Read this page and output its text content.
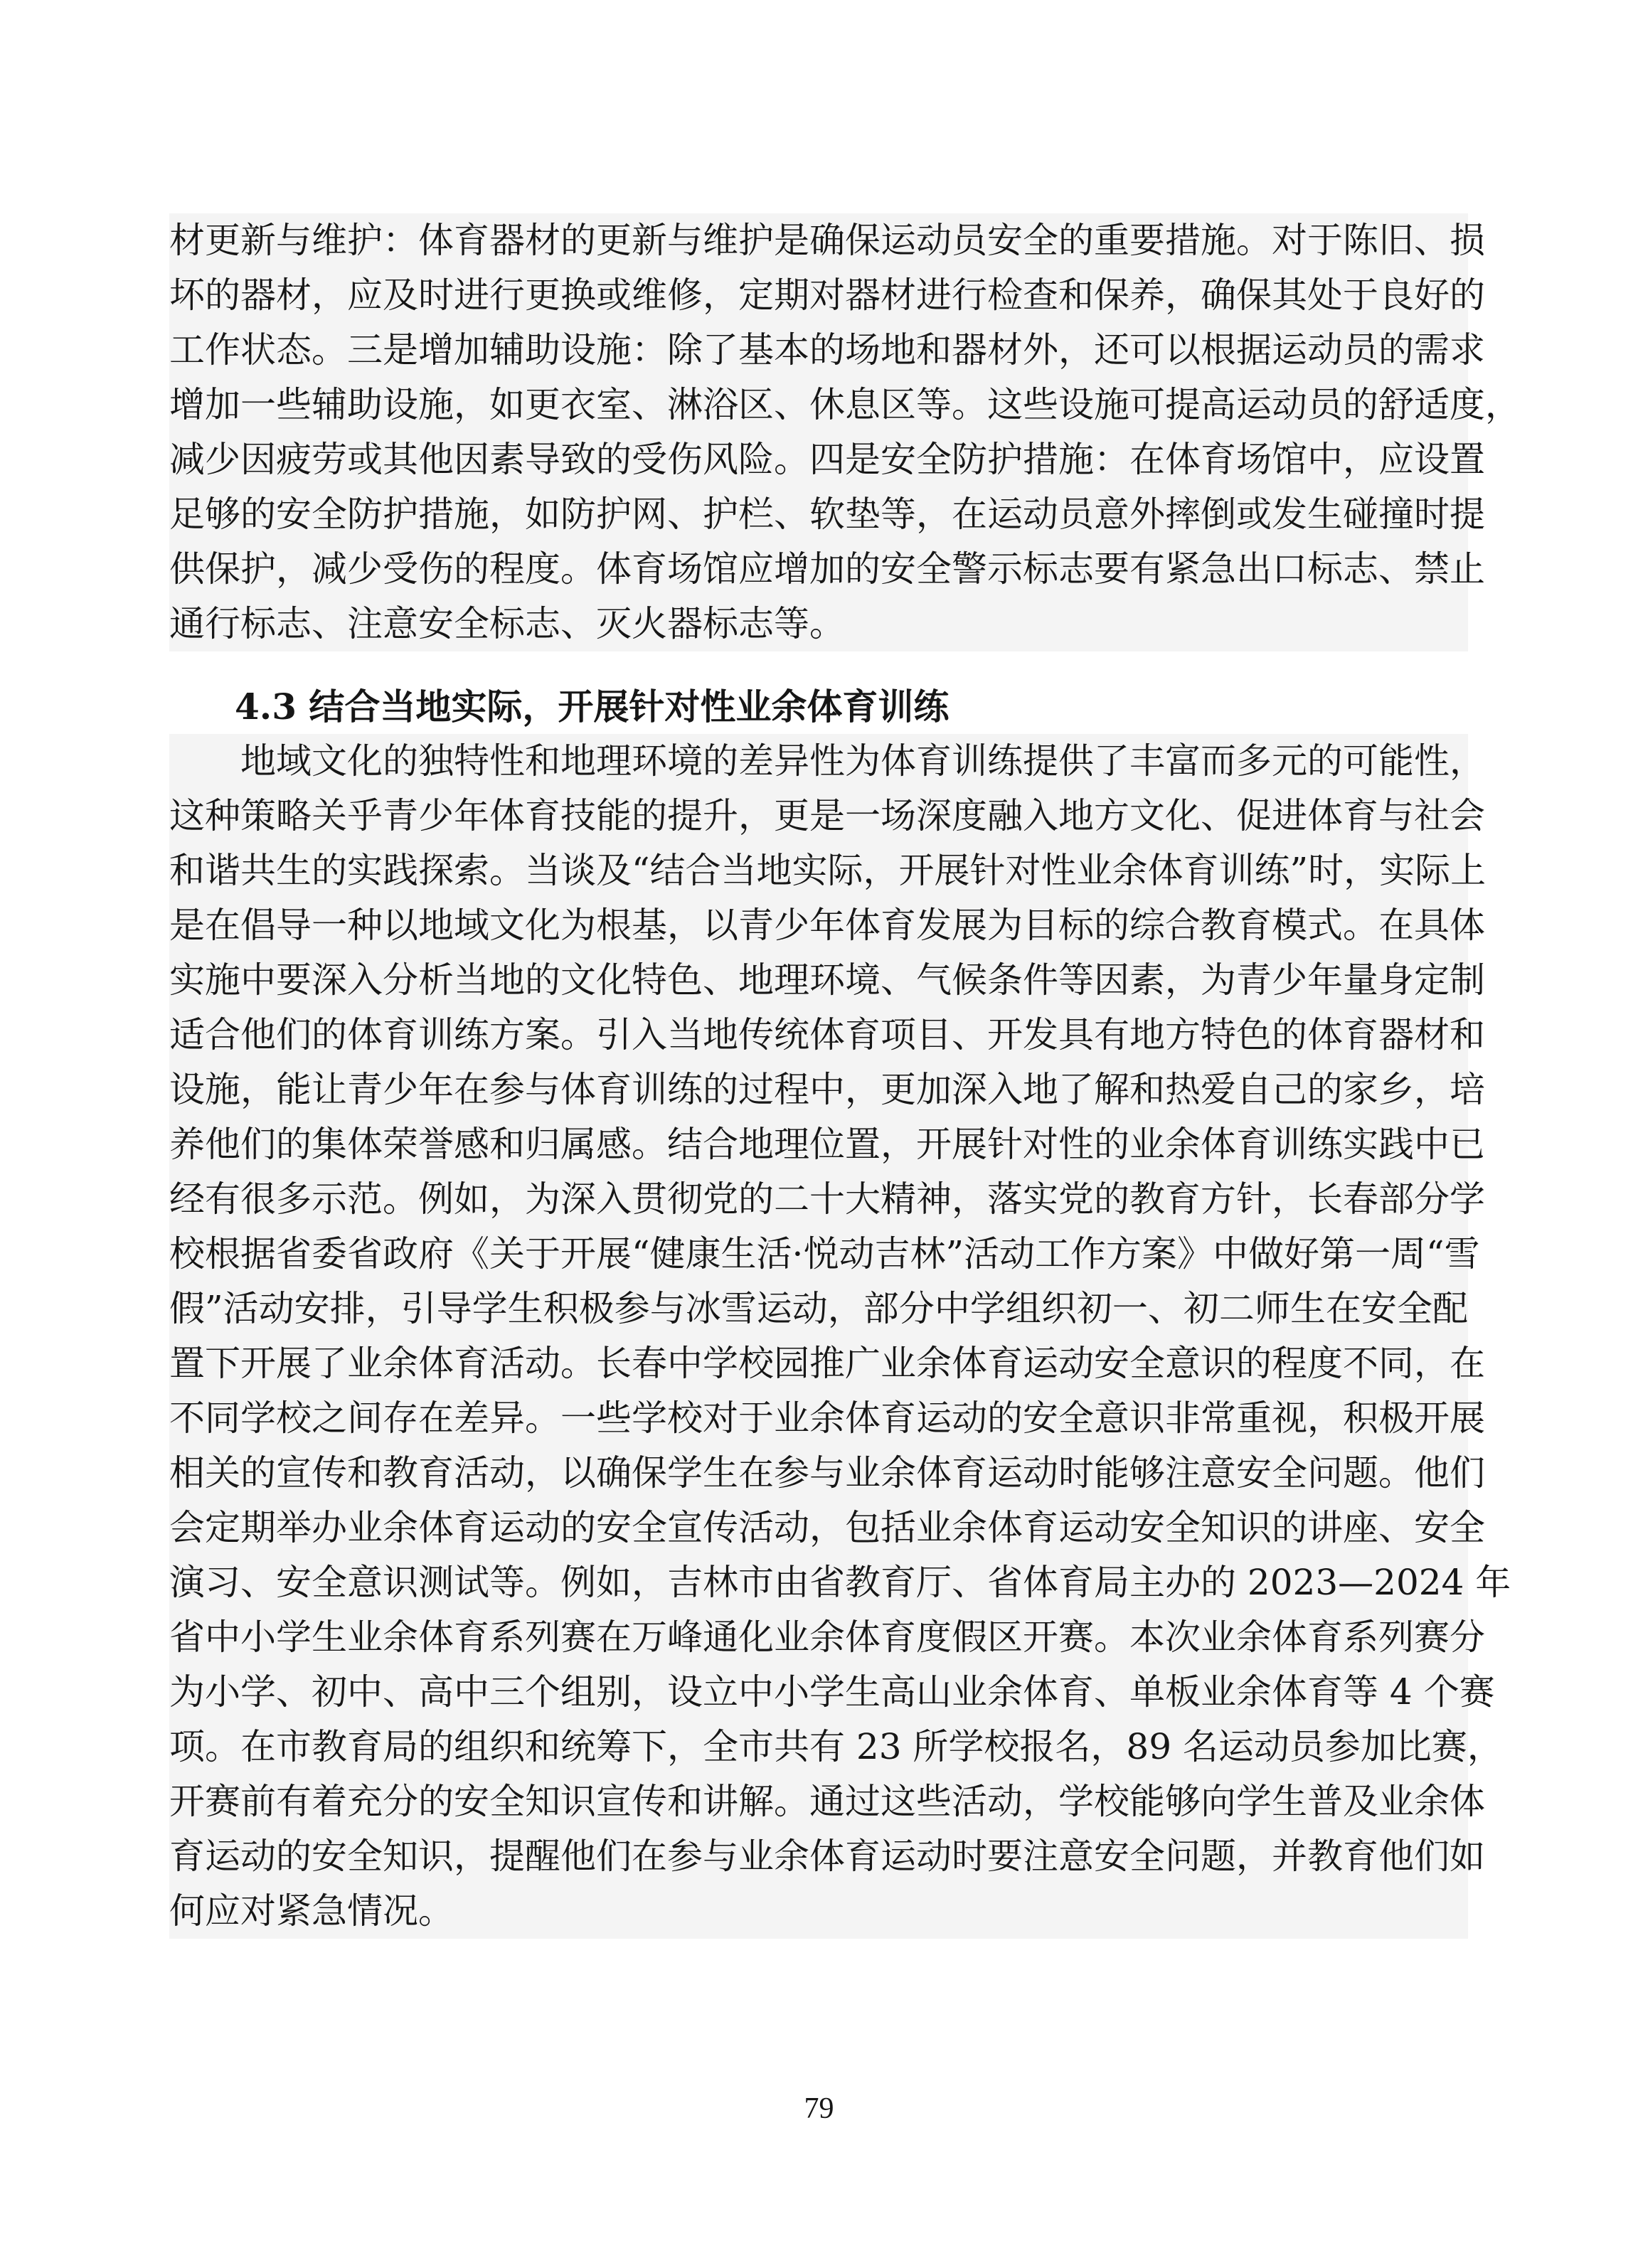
材更新与维护：体育器材的更新与维护是确保运动员安全的重要措施。对于陈旧、损
坏的器材，应及时进行更换或维修，定期对器材进行检查和保养，确保其处于良好的
工作状态。三是增加辅助设施：除了基本的场地和器材外，还可以根据运动员的需求
增加一些辅助设施，如更衣室、淋浴区、休息区等。这些设施可提高运动员的舒适度，
减少因疲劳或其他因素导致的受伤风险。四是安全防护措施：在体育场馆中，应设置
足够的安全防护措施，如防护网、护栏、软垫等，在运动员意外摔倒或发生碰撞时提
供保护，减少受伤的程度。体育场馆应增加的安全警示标志要有紧急出口标志、禁止
通行标志、注意安全标志、灭火器标志等。
4.3 结合当地实际，开展针对性业余体育训练
　　地域文化的独特性和地理环境的差异性为体育训练提供了丰富而多元的可能性，
这种策略关乎青少年体育技能的提升，更是一场深度融入地方文化、促进体育与社会
和谐共生的实践探索。当谈及“结合当地实际，开展针对性业余体育训练”时，实际上
是在倡导一种以地域文化为根基，以青少年体育发展为目标的综合教育模式。在具体
实施中要深入分析当地的文化特色、地理环境、气候条件等因素，为青少年量身定制
适合他们的体育训练方案。引入当地传统体育项目、开发具有地方特色的体育器材和
设施，能让青少年在参与体育训练的过程中，更加深入地了解和热爱自己的家乡，培
养他们的集体荣誉感和归属感。结合地理位置，开展针对性的业余体育训练实践中已
经有很多示范。例如，为深入贯彻党的二十大精神，落实党的教育方针，长春部分学
校根据省委省政府《关于开展“健康生活·悦动吉林”活动工作方案》中做好第一周“雪
假”活动安排，引导学生积极参与冰雪运动，部分中学组织初一、初二师生在安全配
置下开展了业余体育活动。长春中学校园推广业余体育运动安全意识的程度不同，在
不同学校之间存在差异。一些学校对于业余体育运动的安全意识非常重视，积极开展
相关的宣传和教育活动，以确保学生在参与业余体育运动时能够注意安全问题。他们
会定期举办业余体育运动的安全宣传活动，包括业余体育运动安全知识的讲座、安全
演习、安全意识测试等。例如，吉林市由省教育厅、省体育局主办的 2023—2024 年
省中小学生业余体育系列赛在万峰通化业余体育度假区开赛。本次业余体育系列赛分
为小学、初中、高中三个组别，设立中小学生高山业余体育、单板业余体育等 4 个赛
项。在市教育局的组织和统筹下，全市共有 23 所学校报名，89 名运动员参加比赛，
开赛前有着充分的安全知识宣传和讲解。通过这些活动，学校能够向学生普及业余体
育运动的安全知识，提醒他们在参与业余体育运动时要注意安全问题，并教育他们如
何应对紧急情况。
79
